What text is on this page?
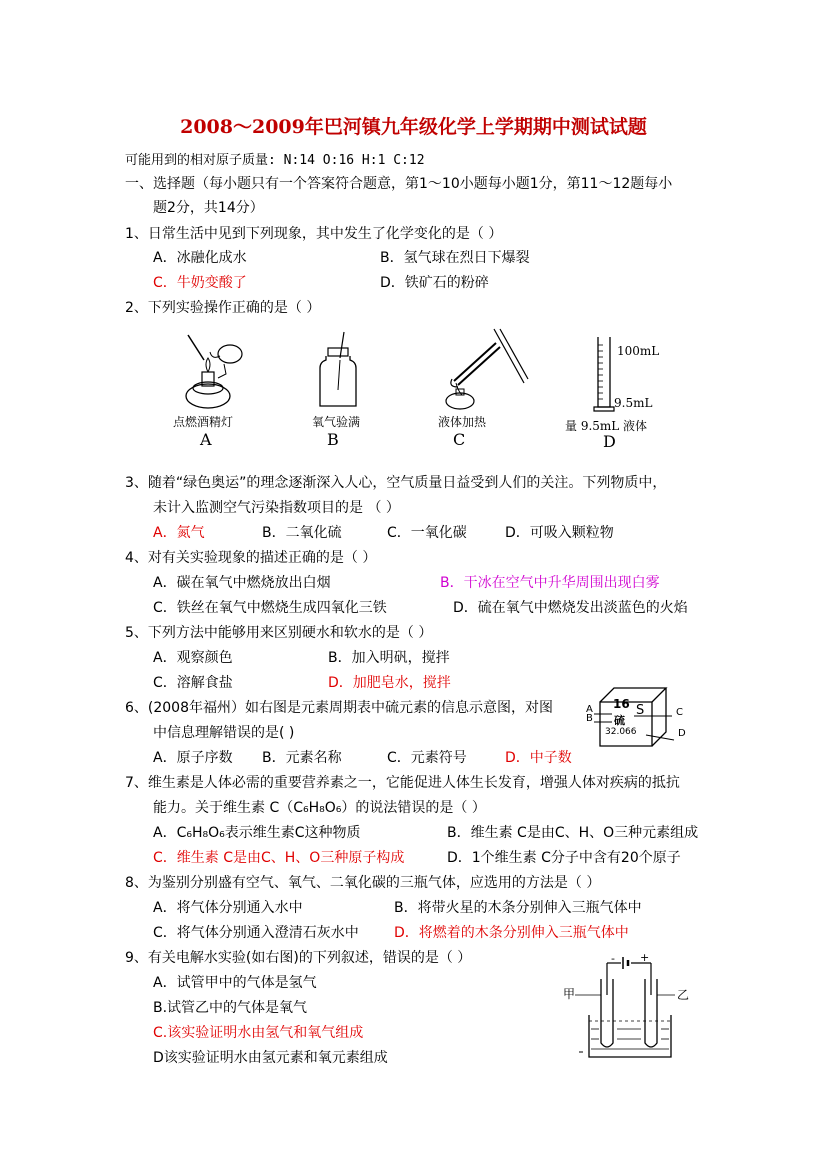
2008～2009年巴河镇九年级化学上学期期中测试试题
可能用到的相对原子质量: N:14 O:16 H:1 C:12
一、选择题（每小题只有一个答案符合题意，第1～10小题每小题1分，第11～12题每小
题2分，共14分）
1、日常生活中见到下列现象，其中发生了化学变化的是（ ）
A．冰融化成水	B．氢气球在烈日下爆裂
C．牛奶变酸了	D．铁矿石的粉碎
2、下列实验操作正确的是（ ）
点燃酒精灯
A
氧气验满
B
液体加热
C
100mL
9.5mL
量 9.5mL 液体
D
3、随着“绿色奥运”的理念逐渐深入人心，空气质量日益受到人们的关注。下列物质中，
未计入监测空气污染指数项目的是 （ ）
A．氮气	B．二氧化硫	C．一氧化碳	D．可吸入颗粒物
4、对有关实验现象的描述正确的是（ ）
A．碳在氧气中燃烧放出白烟	B．干冰在空气中升华周围出现白雾
C．铁丝在氧气中燃烧生成四氧化三铁	D．硫在氧气中燃烧发出淡蓝色的火焰
5、下列方法中能够用来区别硬水和软水的是（ ）
A．观察颜色	B．加入明矾，搅拌
C．溶解食盐	D．加肥皂水，搅拌
6、(2008年福州）如右图是元素周期表中硫元素的信息示意图，对图
中信息理解错误的是( )
A．原子序数 B．元素名称	C．元素符号	D．中子数
16
硫
S
32.066
A
B
C
D
7、维生素是人体必需的重要营养素之一，它能促进人体生长发育，增强人体对疾病的抵抗
能力。关于维生素 C（C₆H₈O₆）的说法错误的是（ ）
A．C₆H₈O₆表示维生素C这种物质	B．维生素 C是由C、H、O三种元素组成
C．维生素 C是由C、H、O三种原子构成	D．1个维生素 C分子中含有20个原子
8、为鉴别分别盛有空气、氧气、二氧化碳的三瓶气体，应选用的方法是（ ）
A．将气体分别通入水中	B．将带火星的木条分别伸入三瓶气体中
C．将气体分别通入澄清石灰水中	D．将燃着的木条分别伸入三瓶气体中
9、有关电解水实验(如右图)的下列叙述，错误的是（ ）
A．试管甲中的气体是氢气
B.试管乙中的气体是氧气
C.该实验证明水由氢气和氧气组成
D该实验证明水由氢元素和氧元素组成
甲	乙
- +
